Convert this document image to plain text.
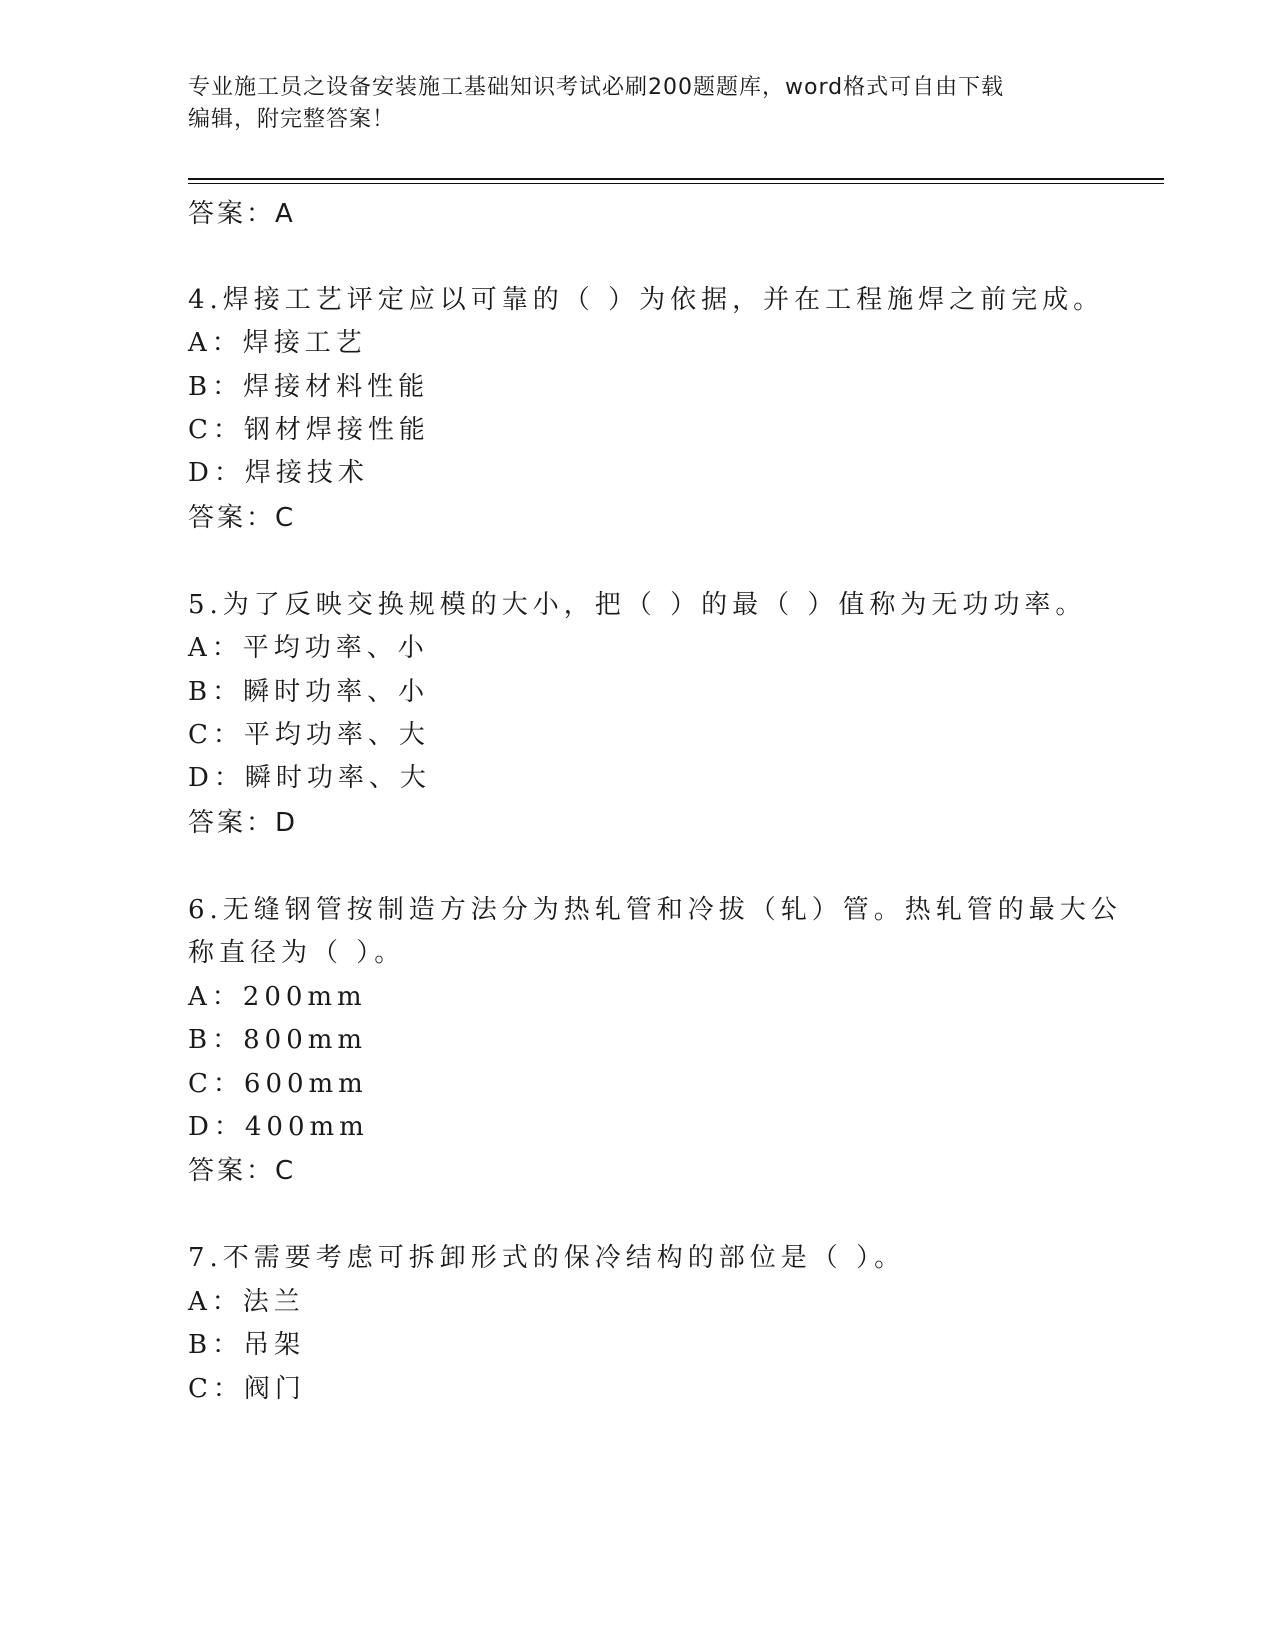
专业施工员之设备安装施工基础知识考试必刷200题题库，word格式可自由下载
编辑，附完整答案！
答案：A
4.焊接工艺评定应以可靠的（ ）为依据，并在工程施焊之前完成。
A：焊接工艺
B：焊接材料性能
C：钢材焊接性能
D：焊接技术
答案：C
5.为了反映交换规模的大小，把（ ）的最（ ）值称为无功功率。
A：平均功率、小
B：瞬时功率、小
C：平均功率、大
D：瞬时功率、大
答案：D
6.无缝钢管按制造方法分为热轧管和冷拔（轧）管。热轧管的最大公
称直径为（ ）。
A：200mm
B：800mm
C：600mm
D：400mm
答案：C
7.不需要考虑可拆卸形式的保冷结构的部位是（ ）。
A：法兰
B：吊架
C：阀门
